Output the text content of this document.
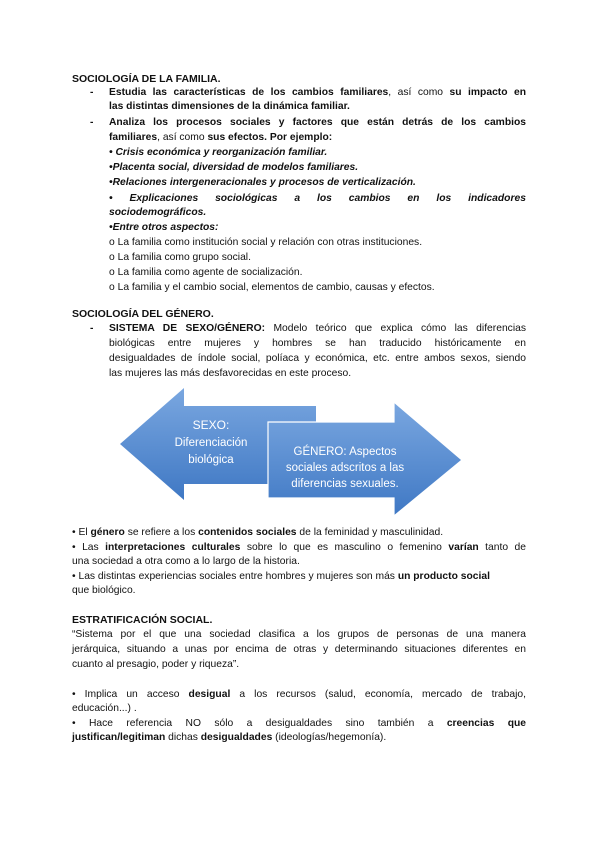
SOCIOLOGÍA DE LA FAMILIA.
- Estudia las características de los cambios familiares, así como su impacto en
las distintas dimensiones de la dinámica familiar.
- Analiza los procesos sociales y factores que están detrás de los cambios
familiares, así como sus efectos. Por ejemplo:
• Crisis económica y reorganización familiar.
•Placenta social, diversidad de modelos familiares.
•Relaciones intergeneracionales y procesos de verticalización.
• Explicaciones sociológicas a los cambios en los indicadores
sociodemográficos.
•Entre otros aspectos:
o La familia como institución social y relación con otras instituciones.
o La familia como grupo social.
o La familia como agente de socialización.
o La familia y el cambio social, elementos de cambio, causas y efectos.
SOCIOLOGÍA DEL GÉNERO.
- SISTEMA DE SEXO/GÉNERO: Modelo teórico que explica cómo las diferencias
biológicas entre mujeres y hombres se han traducido históricamente en
desigualdades de índole social, políaca y económica, etc. entre ambos sexos, siendo
las mujeres las más desfavorecidas en este proceso.
SEXO:
Diferenciación
biológica
GÉNERO: Aspectos
sociales adscritos a las
diferencias sexuales.
• El género se refiere a los contenidos sociales de la feminidad y masculinidad.
• Las interpretaciones culturales sobre lo que es masculino o femenino varían tanto de
una sociedad a otra como a lo largo de la historia.
• Las distintas experiencias sociales entre hombres y mujeres son más un producto social
que biológico.
ESTRATIFICACIÓN SOCIAL.
“Sistema por el que una sociedad clasifica a los grupos de personas de una manera
jerárquica, situando a unas por encima de otras y determinando situaciones diferentes en
cuanto al presagio, poder y riqueza”.
• Implica un acceso desigual a los recursos (salud, economía, mercado de trabajo,
educación...) .
• Hace referencia NO sólo a desigualdades sino también a creencias que
justifican/legitiman dichas desigualdades (ideologías/hegemonía).
